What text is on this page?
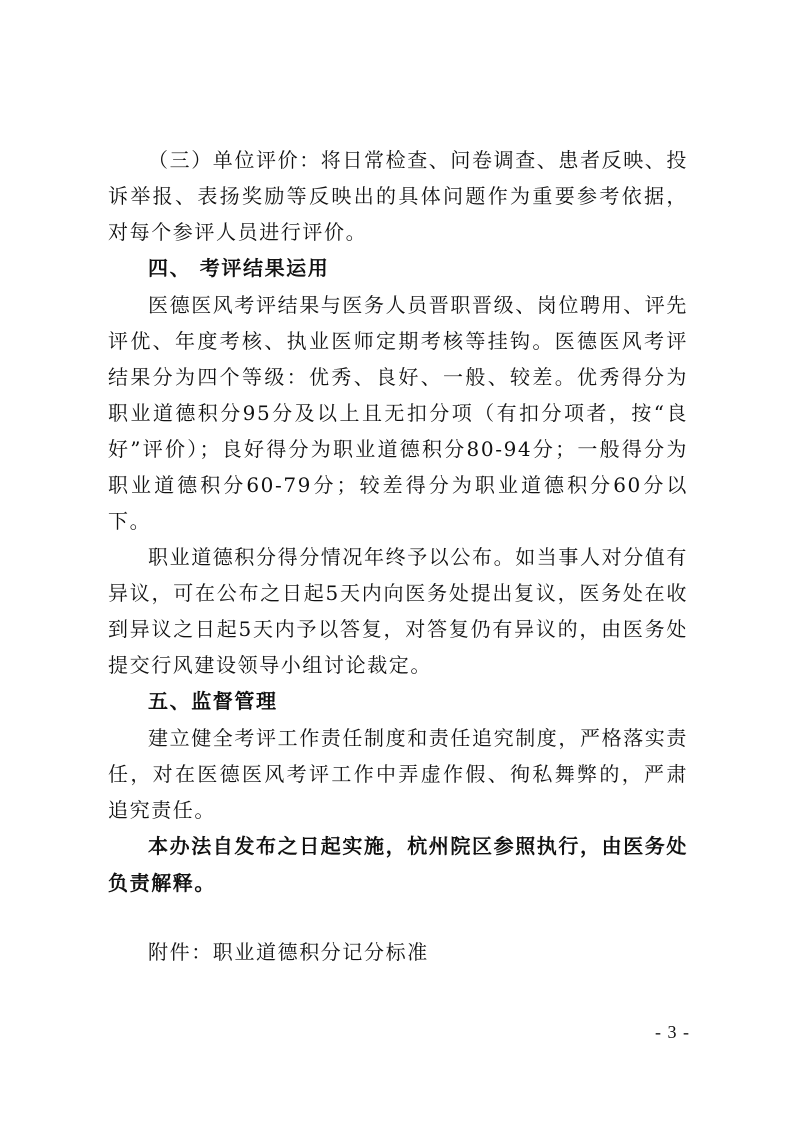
（三）单位评价：将日常检查、问卷调查、患者反映、投诉举报、表扬奖励等反映出的具体问题作为重要参考依据，对每个参评人员进行评价。

四、 考评结果运用

医德医风考评结果与医务人员晋职晋级、岗位聘用、评先评优、年度考核、执业医师定期考核等挂钩。医德医风考评结果分为四个等级：优秀、良好、一般、较差。优秀得分为职业道德积分95分及以上且无扣分项（有扣分项者，按“良好”评价）；良好得分为职业道德积分80-94分；一般得分为职业道德积分60-79分；较差得分为职业道德积分60分以下。

职业道德积分得分情况年终予以公布。如当事人对分值有异议，可在公布之日起5天内向医务处提出复议，医务处在收到异议之日起5天内予以答复，对答复仍有异议的，由医务处提交行风建设领导小组讨论裁定。

五、监督管理

建立健全考评工作责任制度和责任追究制度，严格落实责任，对在医德医风考评工作中弄虚作假、徇私舞弊的，严肃追究责任。

本办法自发布之日起实施，杭州院区参照执行，由医务处负责解释。

附件：职业道德积分记分标准

- 3 -
